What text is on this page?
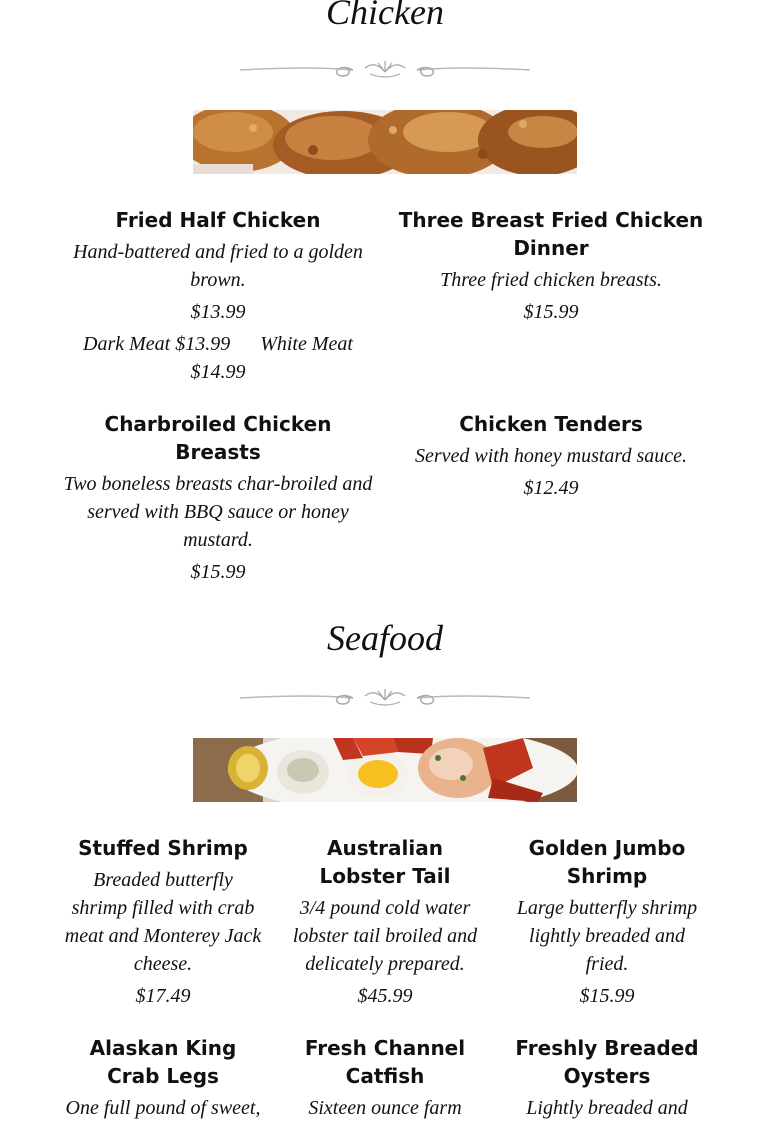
Chicken
Fried Half Chicken
Hand-battered and fried to a golden brown.
$13.99
Dark Meat $13.99 White Meat $14.99
Three Breast Fried Chicken Dinner
Three fried chicken breasts.
$15.99
Charbroiled Chicken Breasts
Two boneless breasts char-broiled and served with BBQ sauce or honey mustard.
$15.99
Chicken Tenders
Served with honey mustard sauce.
$12.49
Seafood
Stuffed Shrimp
Breaded butterfly shrimp filled with crab meat and Monterey Jack cheese.
$17.49
Australian Lobster Tail
3/4 pound cold water lobster tail broiled and delicately prepared.
$45.99
Golden Jumbo Shrimp
Large butterfly shrimp lightly breaded and fried.
$15.99
Alaskan King Crab Legs
One full pound of sweet,
Fresh Channel Catfish
Sixteen ounce farm
Freshly Breaded Oysters
Lightly breaded and
